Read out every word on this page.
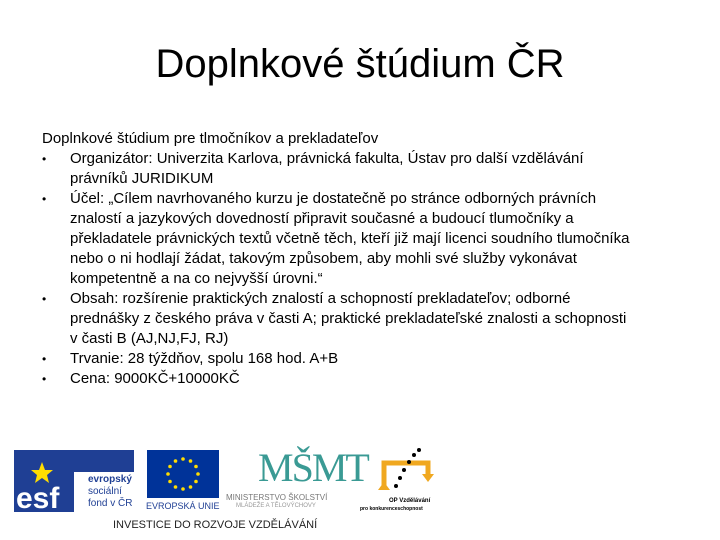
Doplnkové štúdium ČR
Doplnkové štúdium pre tlmočníkov a prekladateľov
• Organizátor: Univerzita Karlova, právnická fakulta, Ústav pro další vzdělávání
právníků JURIDIKUM
• Účel: „Cílem navrhovaného kurzu je dostatečně po stránce odborných právních
znalostí a jazykových dovedností připravit současné a budoucí tlumočníky a
překladatele právnických textů včetně těch, kteří již mají licenci soudního tlumočníka
nebo o ni hodlají žádat, takovým způsobem, aby mohli své služby vykonávat
kompetentně a na co nejvyšší úrovni.“
• Obsah: rozšírenie praktických znalostí a schopností prekladateľov; odborné
prednášky z českého práva v časti A; praktické prekladateľské znalosti a schopnosti
v časti B (AJ,NJ,FJ, RJ)
• Trvanie: 28 týždňov, spolu 168 hod. A+B
• Cena: 9000KČ+10000KČ
esf
evropský
sociální
fond v ČR EVROPSKÁ UNIE
MŠMT
MINISTERSTVO ŠKOLSTVÍ
MLÁDEŽE A TĚLOVÝCHOVY
OP Vzdělávání
pro konkurenceschopnost
INVESTICE DO ROZVOJE VZDĚLÁVÁNÍ
